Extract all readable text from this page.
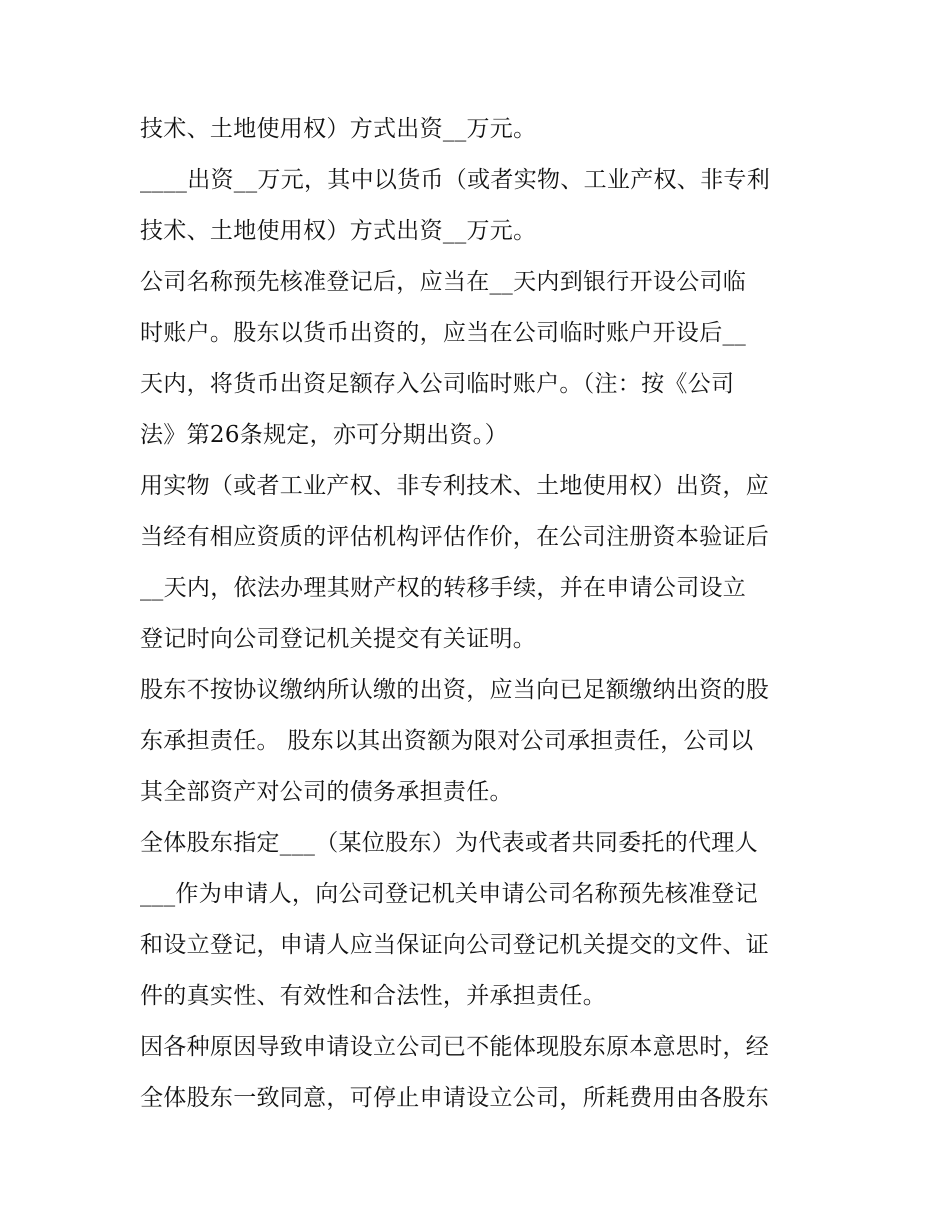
技术、土地使用权）方式出资__万元。
____出资__万元，其中以货币（或者实物、工业产权、非专利
技术、土地使用权）方式出资__万元。
公司名称预先核准登记后，应当在__天内到银行开设公司临
时账户。股东以货币出资的，应当在公司临时账户开设后__
天内，将货币出资足额存入公司临时账户。（注：按《公司
法》第26条规定，亦可分期出资。）
用实物（或者工业产权、非专利技术、土地使用权）出资，应
当经有相应资质的评估机构评估作价，在公司注册资本验证后
__天内，依法办理其财产权的转移手续，并在申请公司设立
登记时向公司登记机关提交有关证明。
股东不按协议缴纳所认缴的出资，应当向已足额缴纳出资的股
东承担责任。 股东以其出资额为限对公司承担责任，公司以
其全部资产对公司的债务承担责任。
全体股东指定___（某位股东）为代表或者共同委托的代理人
___作为申请人，向公司登记机关申请公司名称预先核准登记
和设立登记，申请人应当保证向公司登记机关提交的文件、证
件的真实性、有效性和合法性，并承担责任。
因各种原因导致申请设立公司已不能体现股东原本意思时，经
全体股东一致同意，可停止申请设立公司，所耗费用由各股东
